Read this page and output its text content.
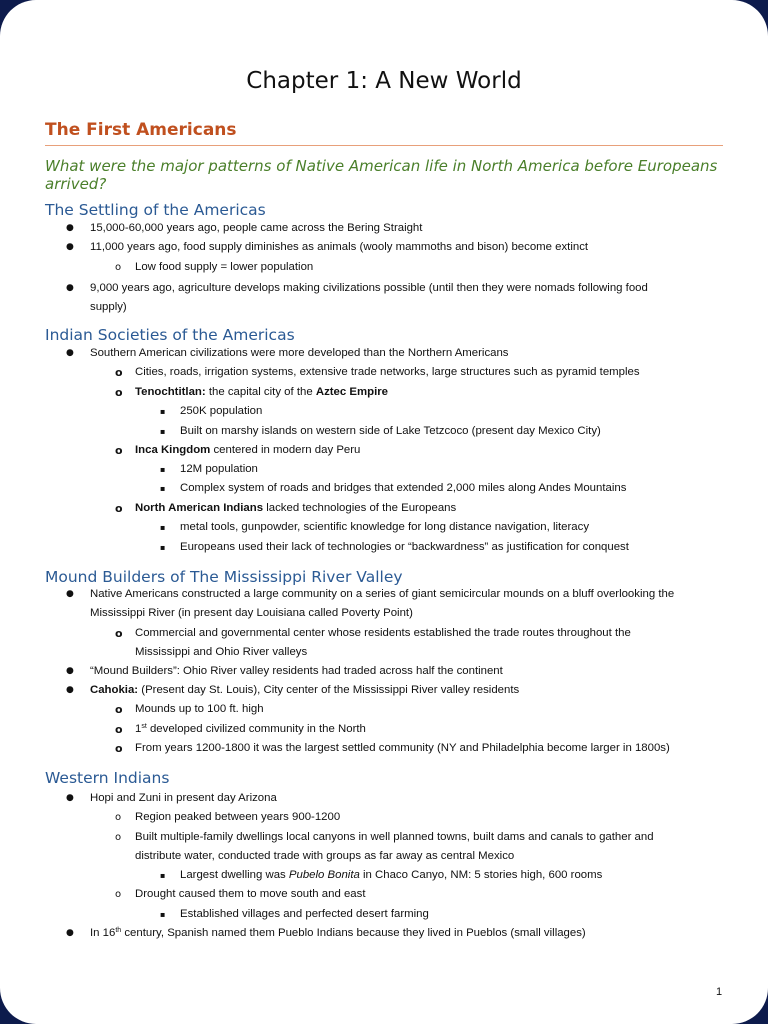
Chapter 1: A New World
The First Americans
What were the major patterns of Native American life in North America before Europeans arrived?
The Settling of the Americas
● 15,000-60,000 years ago, people came across the Bering Straight
● 11,000 years ago, food supply diminishes as animals (wooly mammoths and bison) become extinct
o Low food supply = lower population
● 9,000 years ago, agriculture develops making civilizations possible (until then they were nomads following food
supply)
Indian Societies of the Americas
● Southern American civilizations were more developed than the Northern Americans
o Cities, roads, irrigation systems, extensive trade networks, large structures such as pyramid temples
o Tenochtitlan: the capital city of the Aztec Empire
▪ 250K population
▪ Built on marshy islands on western side of Lake Tetzcoco (present day Mexico City)
o Inca Kingdom centered in modern day Peru
▪ 12M population
▪ Complex system of roads and bridges that extended 2,000 miles along Andes Mountains
o North American Indians lacked technologies of the Europeans
▪ metal tools, gunpowder, scientific knowledge for long distance navigation, literacy
▪ Europeans used their lack of technologies or “backwardness” as justification for conquest
Mound Builders of The Mississippi River Valley
● Native Americans constructed a large community on a series of giant semicircular mounds on a bluff overlooking the
Mississippi River (in present day Louisiana called Poverty Point)
o Commercial and governmental center whose residents established the trade routes throughout the
Mississippi and Ohio River valleys
● “Mound Builders”: Ohio River valley residents had traded across half the continent
● Cahokia: (Present day St. Louis), City center of the Mississippi River valley residents
o Mounds up to 100 ft. high
o 1st developed civilized community in the North
o From years 1200-1800 it was the largest settled community (NY and Philadelphia become larger in 1800s)
Western Indians
● Hopi and Zuni in present day Arizona
o Region peaked between years 900-1200
o Built multiple-family dwellings local canyons in well planned towns, built dams and canals to gather and
distribute water, conducted trade with groups as far away as central Mexico
▪ Largest dwelling was Pubelo Bonita in Chaco Canyo, NM: 5 stories high, 600 rooms
o Drought caused them to move south and east
▪ Established villages and perfected desert farming
● In 16th century, Spanish named them Pueblo Indians because they lived in Pueblos (small villages)
1
